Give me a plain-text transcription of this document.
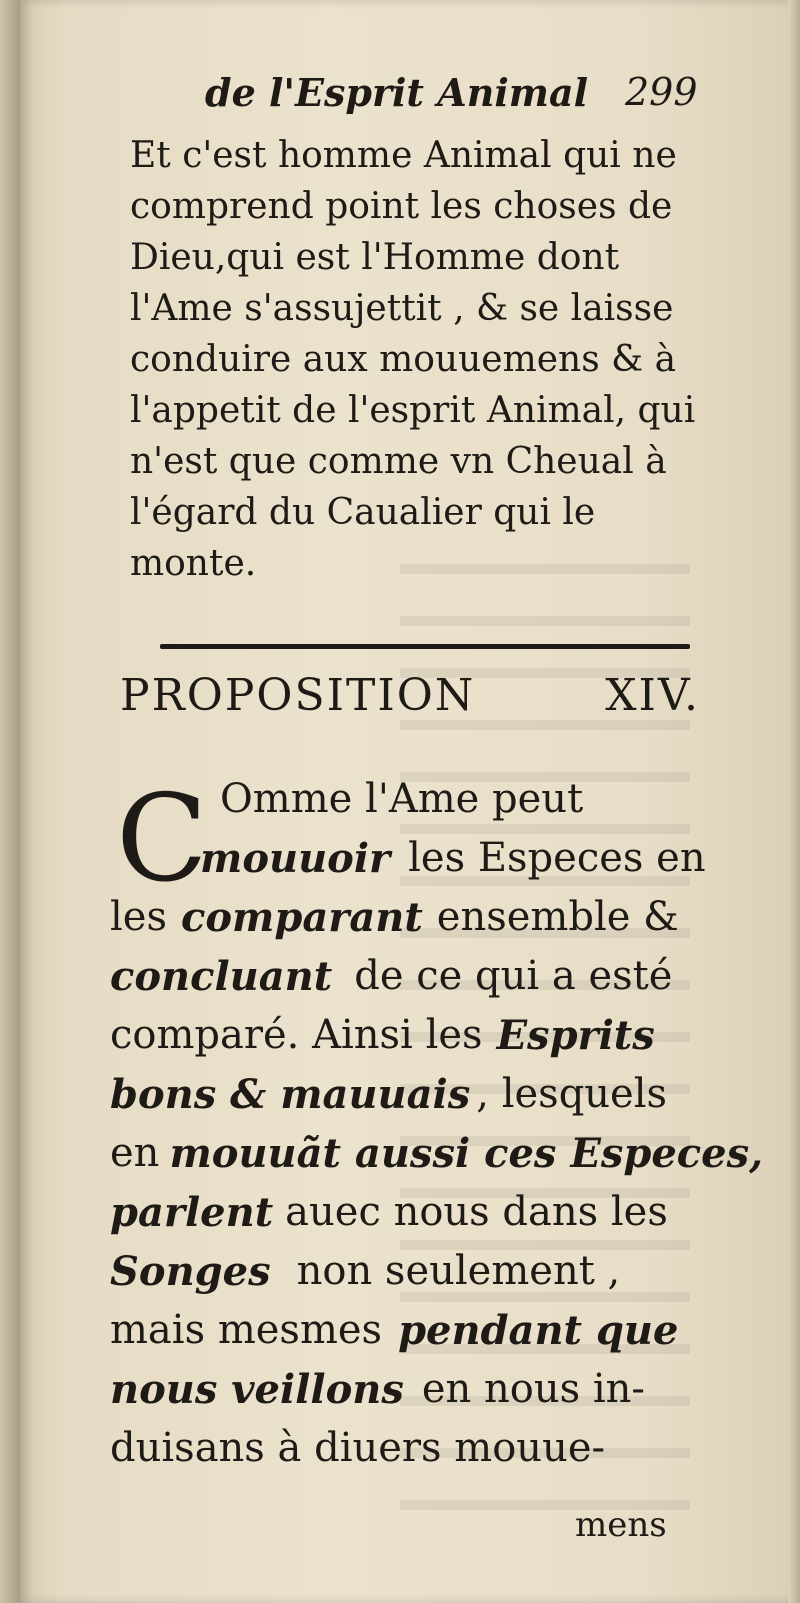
de l'Esprit Animal 299
Et c'est homme Animal qui ne
comprend point les choses de
Dieu,qui est l'Homme dont
l'Ame s'assujettit , & se laisse
conduire aux mouuemens & à
l'appetit de l'esprit Animal, qui
n'est que comme vn Cheual à
l'égard du Caualier qui le
monte.
PROPOSITION	XIV.
C Omme l'Ame peut
mouuoir les Especes en
les comparant ensemble &
concluant de ce qui a esté
comparé. Ainsi les Esprits
bons & mauuais , lesquels
en mouuãt aussi ces Especes,
parlent auec nous dans les
Songes non seulement ,
mais mesmes pendant que
nous veillons en nous in-
duisans à diuers mouue-
mens
